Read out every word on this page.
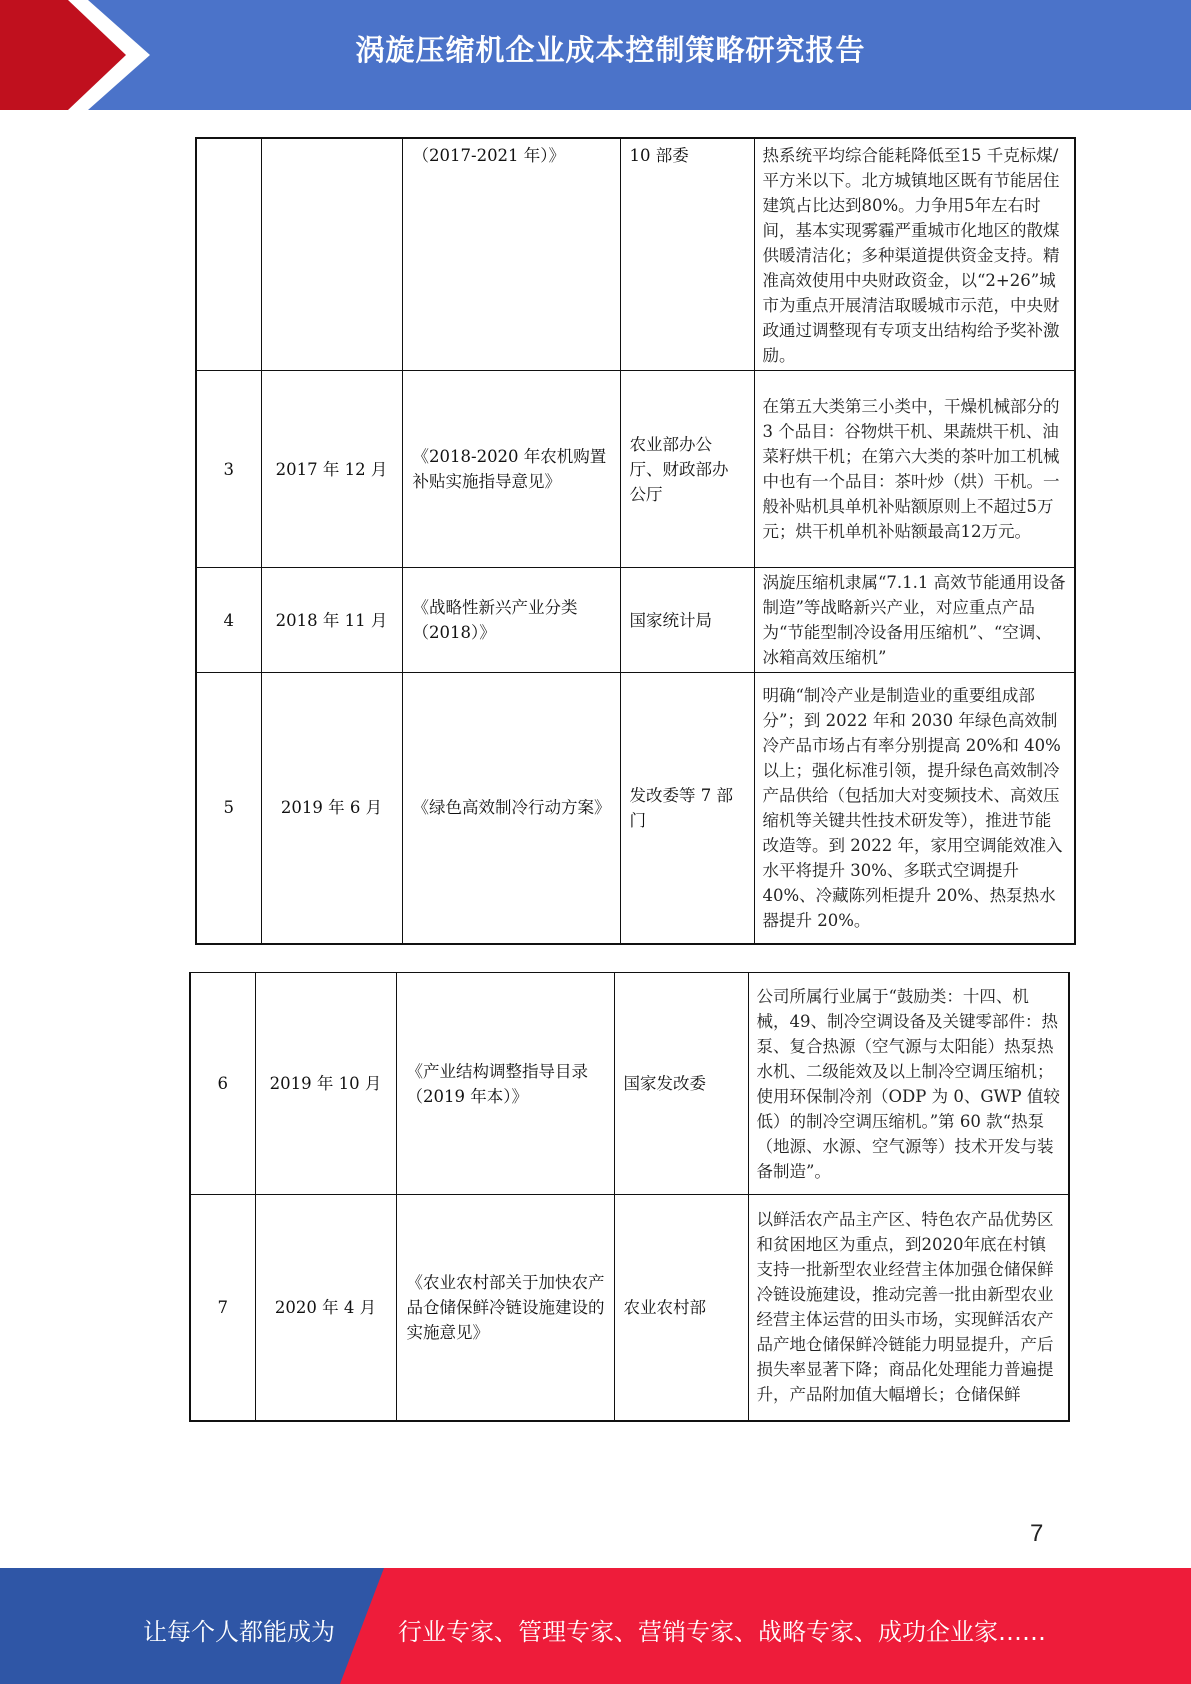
涡旋压缩机企业成本控制策略研究报告
		（2017-2021 年）》	10 部委	热系统平均综合能耗降低至15 千克标煤/平方米以下。北方城镇地区既有节能居住建筑占比达到80%。力争用5年左右时间，基本实现雾霾严重城市化地区的散煤供暖清洁化；多种渠道提供资金支持。精准高效使用中央财政资金，以“2+26”城市为重点开展清洁取暖城市示范，中央财政通过调整现有专项支出结构给予奖补激励。
3	2017 年 12 月	《2018-2020 年农机购置补贴实施指导意见》	农业部办公厅、财政部办公厅	在第五大类第三小类中，干燥机械部分的3 个品目：谷物烘干机、果蔬烘干机、油菜籽烘干机；在第六大类的茶叶加工机械中也有一个品目：茶叶炒（烘）干机。一般补贴机具单机补贴额原则上不超过5万元；烘干机单机补贴额最高12万元。
4	2018 年 11 月	《战略性新兴产业分类（2018）》	国家统计局	涡旋压缩机隶属“7.1.1 高效节能通用设备制造”等战略新兴产业，对应重点产品为“节能型制冷设备用压缩机”、“空调、冰箱高效压缩机”
5	2019 年 6 月	《绿色高效制冷行动方案》	发改委等 7 部门	明确“制冷产业是制造业的重要组成部分”；到 2022 年和 2030 年绿色高效制冷产品市场占有率分别提高 20%和 40%以上；强化标准引领，提升绿色高效制冷产品供给（包括加大对变频技术、高效压缩机等关键共性技术研发等），推进节能改造等。到 2022 年，家用空调能效准入水平将提升 30%、多联式空调提升 40%、冷藏陈列柜提升 20%、热泵热水器提升 20%。
6	2019 年 10 月	《产业结构调整指导目录（2019 年本）》	国家发改委	公司所属行业属于“鼓励类：十四、机械，49、制冷空调设备及关键零部件：热泵、复合热源（空气源与太阳能）热泵热水机、二级能效及以上制冷空调压缩机；使用环保制冷剂（ODP 为 0、GWP 值较低）的制冷空调压缩机。”第 60 款“热泵（地源、水源、空气源等）技术开发与装备制造”。
7	2020 年 4 月	《农业农村部关于加快农产品仓储保鲜冷链设施建设的实施意见》	农业农村部	以鲜活农产品主产区、特色农产品优势区和贫困地区为重点，到2020年底在村镇支持一批新型农业经营主体加强仓储保鲜冷链设施建设，推动完善一批由新型农业经营主体运营的田头市场，实现鲜活农产品产地仓储保鲜冷链能力明显提升，产后损失率显著下降；商品化处理能力普遍提升，产品附加值大幅增长；仓储保鲜
7
让每个人都能成为	行业专家、管理专家、营销专家、战略专家、成功企业家……
